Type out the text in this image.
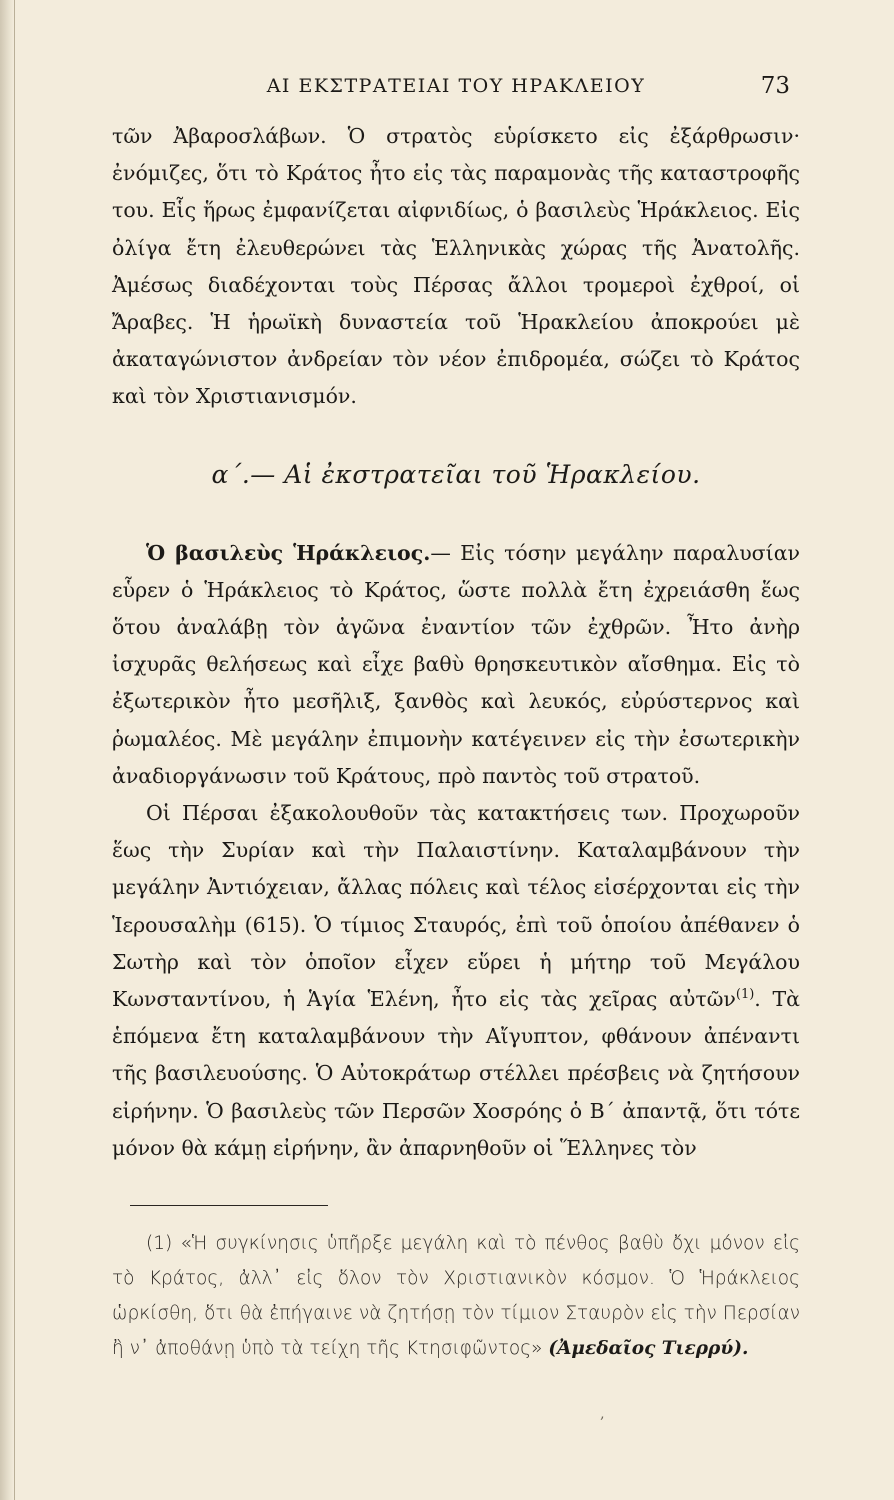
ΑΙ ΕΚΣΤΡΑΤΕΙΑΙ ΤΟΥ ΗΡΑΚΛΕΙΟΥ	73

τῶν Ἀβαροσλάβων. Ὁ στρατὸς εὑρίσκετο εἰς ἐξάρθρωσιν· ἐνόμιζες, ὅτι τὸ Κράτος ἦτο εἰς τὰς παραμονὰς τῆς καταστροφῆς του. Εἷς ἥρως ἐμφανίζεται αἰφνιδίως, ὁ βασιλεὺς Ἡράκλειος. Εἰς ὀλίγα ἔτη ἐλευθερώνει τὰς Ἑλληνικὰς χώρας τῆς Ἀνατολῆς. Ἀμέσως διαδέχονται τοὺς Πέρσας ἄλλοι τρομεροὶ ἐχθροί, οἱ Ἄραβες. Ἡ ἡρωϊκὴ δυναστεία τοῦ Ἡρακλείου ἀποκρούει μὲ ἀκαταγώνιστον ἀνδρείαν τὸν νέον ἐπιδρομέα, σώζει τὸ Κράτος καὶ τὸν Χριστιανισμόν.

α΄.— Αἱ ἐκστρατεῖαι τοῦ Ἡρακλείου.

Ὁ βασιλεὺς Ἡράκλειος.— Εἰς τόσην μεγάλην παραλυσίαν εὗρεν ὁ Ἡράκλειος τὸ Κράτος, ὥστε πολλὰ ἔτη ἐχρειάσθη ἕως ὅτου ἀναλάβῃ τὸν ἀγῶνα ἐναντίον τῶν ἐχθρῶν. Ἦτο ἀνὴρ ἰσχυρᾶς θελήσεως καὶ εἶχε βαθὺ θρησκευτικὸν αἴσθημα. Εἰς τὸ ἐξωτερικὸν ἦτο μεσῆλιξ, ξανθὸς καὶ λευκός, εὐρύστερνος καὶ ῥωμαλέος. Μὲ μεγάλην ἐπιμονὴν κατέγεινεν εἰς τὴν ἐσωτερικὴν ἀναδιοργάνωσιν τοῦ Κράτους, πρὸ παντὸς τοῦ στρατοῦ.

Οἱ Πέρσαι ἐξακολουθοῦν τὰς κατακτήσεις των. Προχωροῦν ἕως τὴν Συρίαν καὶ τὴν Παλαιστίνην. Καταλαμβάνουν τὴν μεγάλην Ἀντιόχειαν, ἄλλας πόλεις καὶ τέλος εἰσέρχονται εἰς τὴν Ἱερουσαλὴμ (615). Ὁ τίμιος Σταυρός, ἐπὶ τοῦ ὁποίου ἀπέθανεν ὁ Σωτὴρ καὶ τὸν ὁποῖον εἶχεν εὕρει ἡ μήτηρ τοῦ Μεγάλου Κωνσταντίνου, ἡ Ἁγία Ἑλένη, ἦτο εἰς τὰς χεῖρας αὐτῶν$^{(1)}$. Τὰ ἑπόμενα ἔτη καταλαμβάνουν τὴν Αἴγυπτον, φθάνουν ἀπέναντι τῆς βασιλευούσης. Ὁ Αὐτοκράτωρ στέλλει πρέσβεις νὰ ζητήσουν εἰρήνην. Ὁ βασιλεὺς τῶν Περσῶν Χοσρόης ὁ Β΄ ἀπαντᾷ, ὅτι τότε μόνον θὰ κάμῃ εἰρήνην, ἂν ἀπαρνηθοῦν οἱ Ἕλληνες τὸν

(1) «Ἡ συγκίνησις ὑπῆρξε μεγάλη καὶ τὸ πένθος βαθὺ ὄχι μόνον εἰς τὸ Κράτος, ἀλλ᾿ εἰς ὅλον τὸν Χριστιανικὸν κόσμον. Ὁ Ἡράκλειος ὡρκίσθη, ὅτι θὰ ἐπήγαινε νὰ ζητήσῃ τὸν τίμιον Σταυρὸν εἰς τὴν Περσίαν ἢ ν᾿ ἀποθάνῃ ὑπὸ τὰ τείχη τῆς Κτησιφῶντος» (Ἀμεδαῖος Τιερρύ).

‚
